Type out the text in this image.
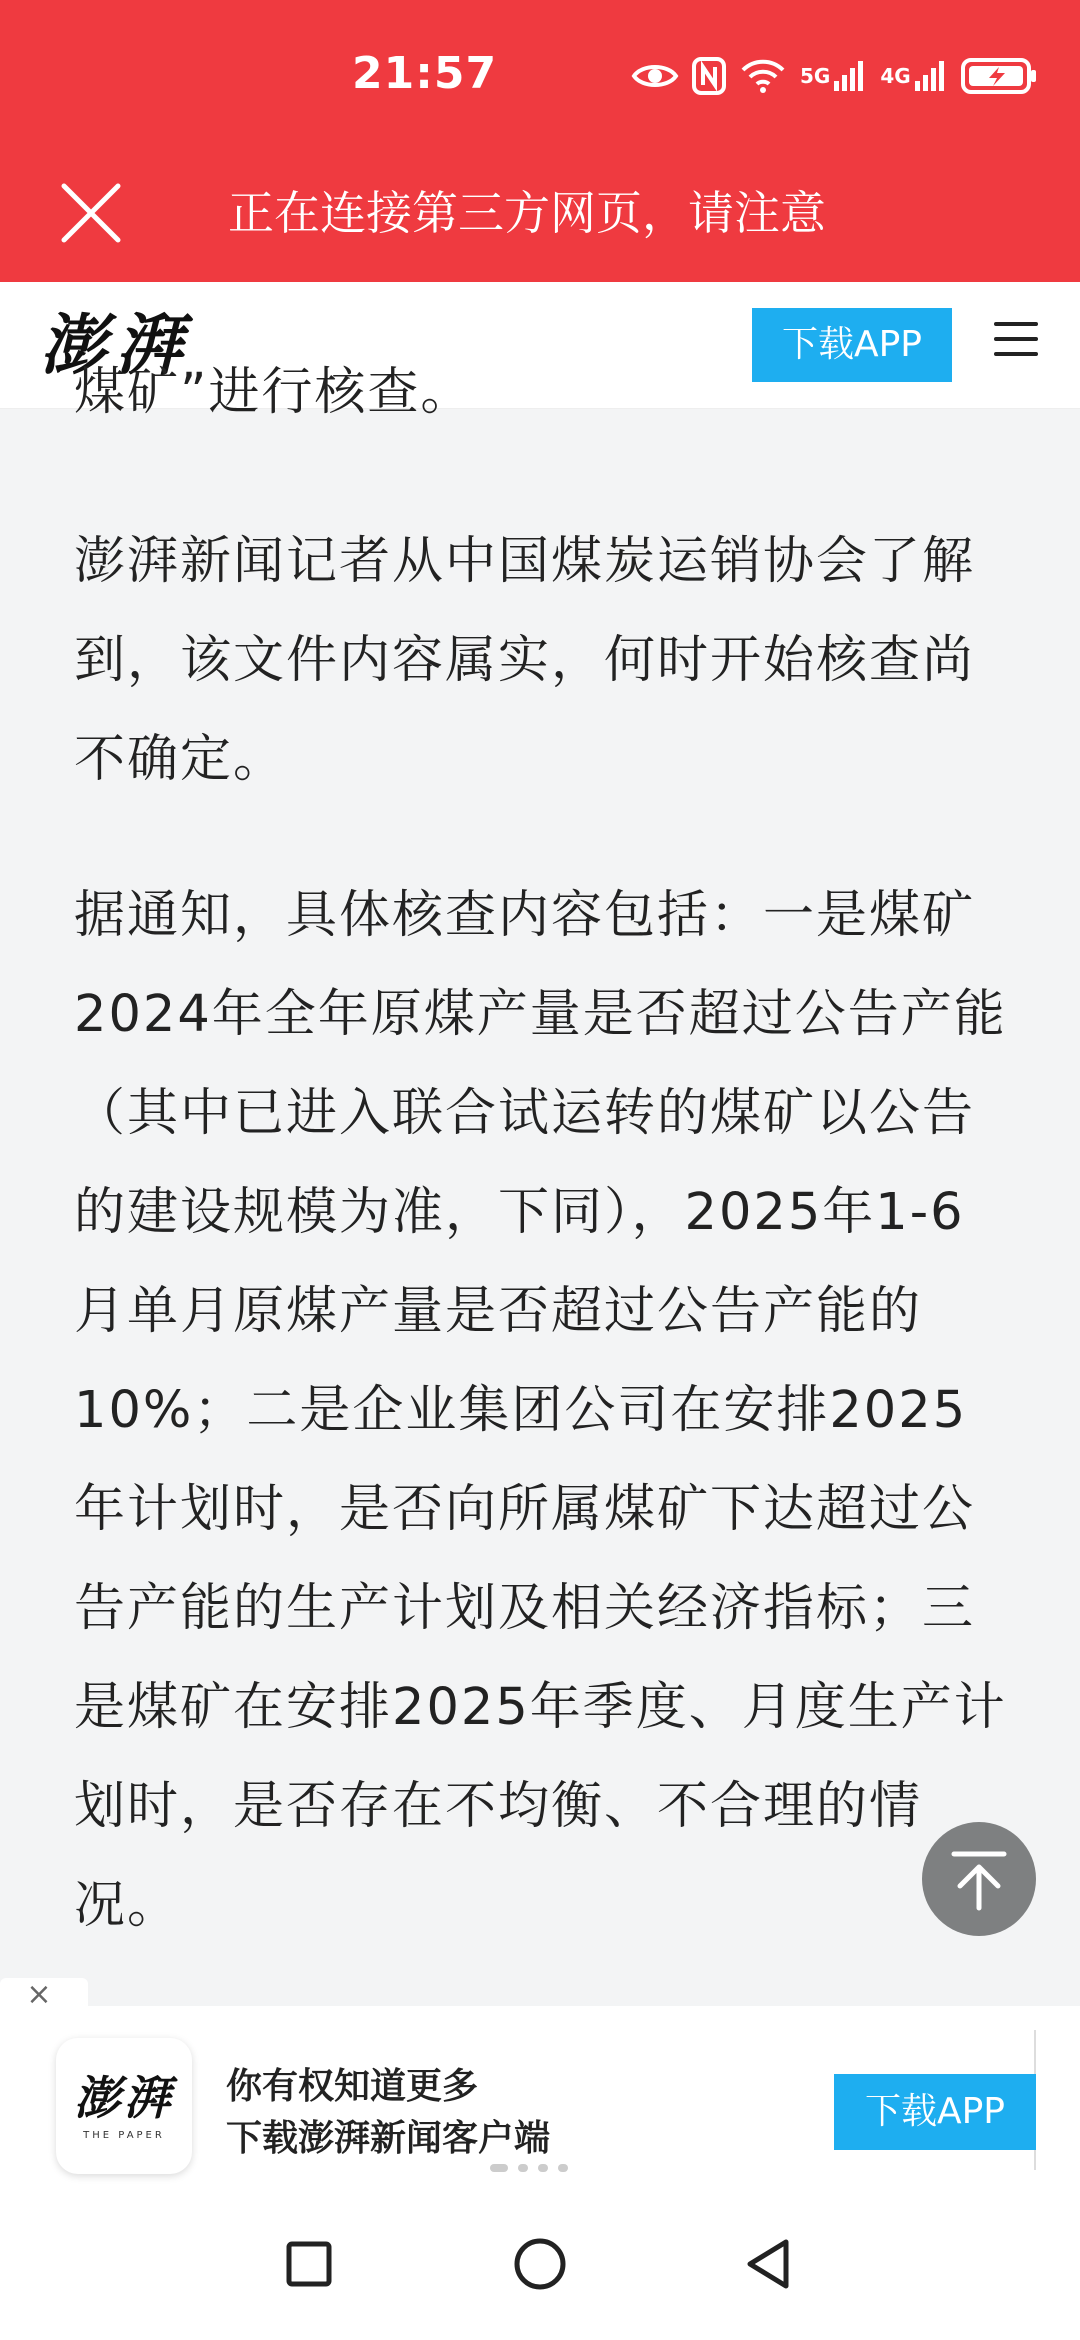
21:57	5G	4G
正在连接第三方网页，请注意
澎湃	下载APP

煤矿”进行核查。

澎湃新闻记者从中国煤炭运销协会了解到，该文件内容属实，何时开始核查尚不确定。

据通知，具体核查内容包括：一是煤矿2024年全年原煤产量是否超过公告产能（其中已进入联合试运转的煤矿以公告的建设规模为准，下同），2025年1-6月单月原煤产量是否超过公告产能的10%；二是企业集团公司在安排2025年计划时，是否向所属煤矿下达超过公告产能的生产计划及相关经济指标；三是煤矿在安排2025年季度、月度生产计划时，是否存在不均衡、不合理的情况。

×
澎湃
THE PAPER
你有权知道更多
下载澎湃新闻客户端
下载APP
